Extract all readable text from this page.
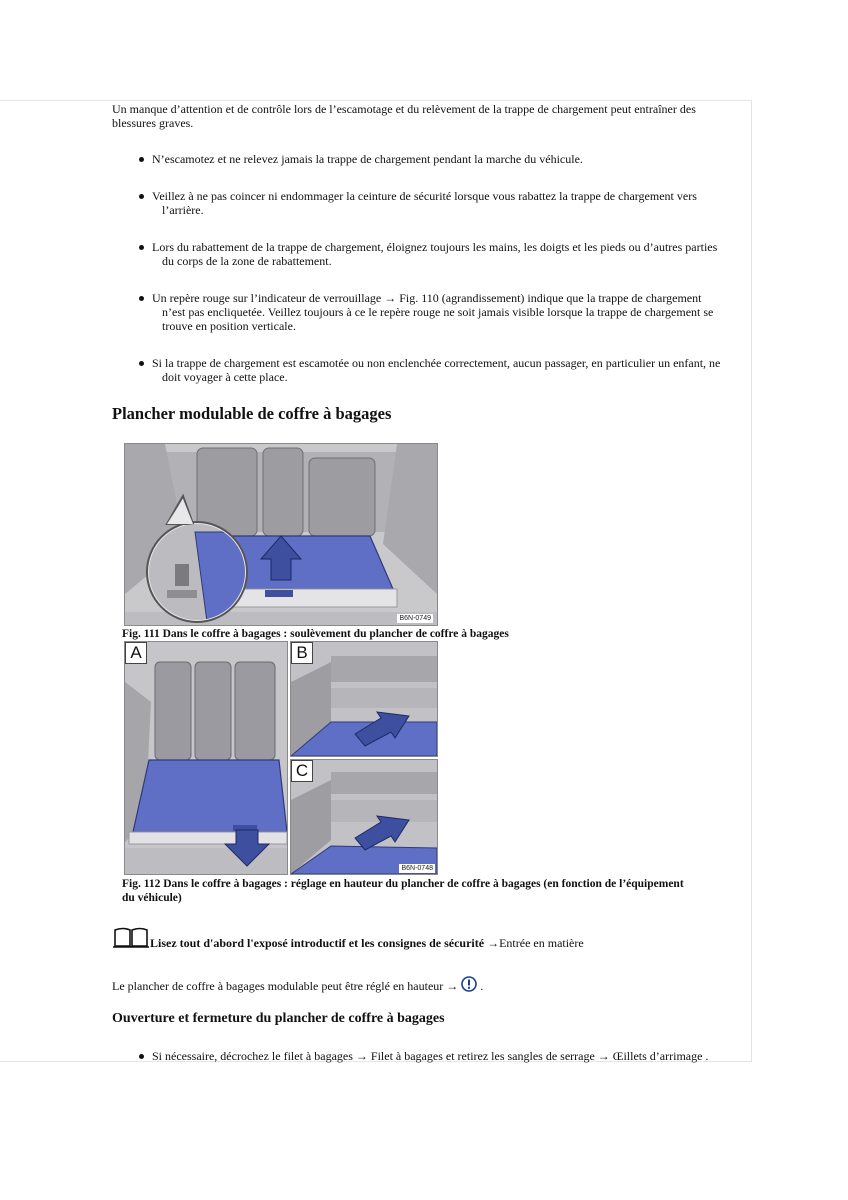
Un manque d’attention et de contrôle lors de l’escamotage et du relèvement de la trappe de chargement peut entraîner des blessures graves.
N’escamotez et ne relevez jamais la trappe de chargement pendant la marche du véhicule.
Veillez à ne pas coincer ni endommager la ceinture de sécurité lorsque vous rabattez la trappe de chargement vers
l’arrière.
Lors du rabattement de la trappe de chargement, éloignez toujours les mains, les doigts et les pieds ou d’autres parties
du corps de la zone de rabattement.
Un repère rouge sur l’indicateur de verrouillage → Fig. 110 (agrandissement) indique que la trappe de chargement
n’est pas encliquetée. Veillez toujours à ce le repère rouge ne soit jamais visible lorsque la trappe de chargement se
trouve en position verticale.
Si la trappe de chargement est escamotée ou non enclenchée correctement, aucun passager, en particulier un enfant, ne
doit voyager à cette place.
Plancher modulable de coffre à bagages
B6N-0749
Fig. 111 Dans le coffre à bagages : soulèvement du plancher de coffre à bagages
A	B
C
B6N-0748
Fig. 112 Dans le coffre à bagages : réglage en hauteur du plancher de coffre à bagages (en fonction de l’équipement
du véhicule)
Lisez tout d'abord l'exposé introductif et les consignes de sécurité →Entrée en matière
Le plancher de coffre à bagages modulable peut être réglé en hauteur →  .
Ouverture et fermeture du plancher de coffre à bagages
Si nécessaire, décrochez le filet à bagages → Filet à bagages et retirez les sangles de serrage → Œillets d’arrimage .
